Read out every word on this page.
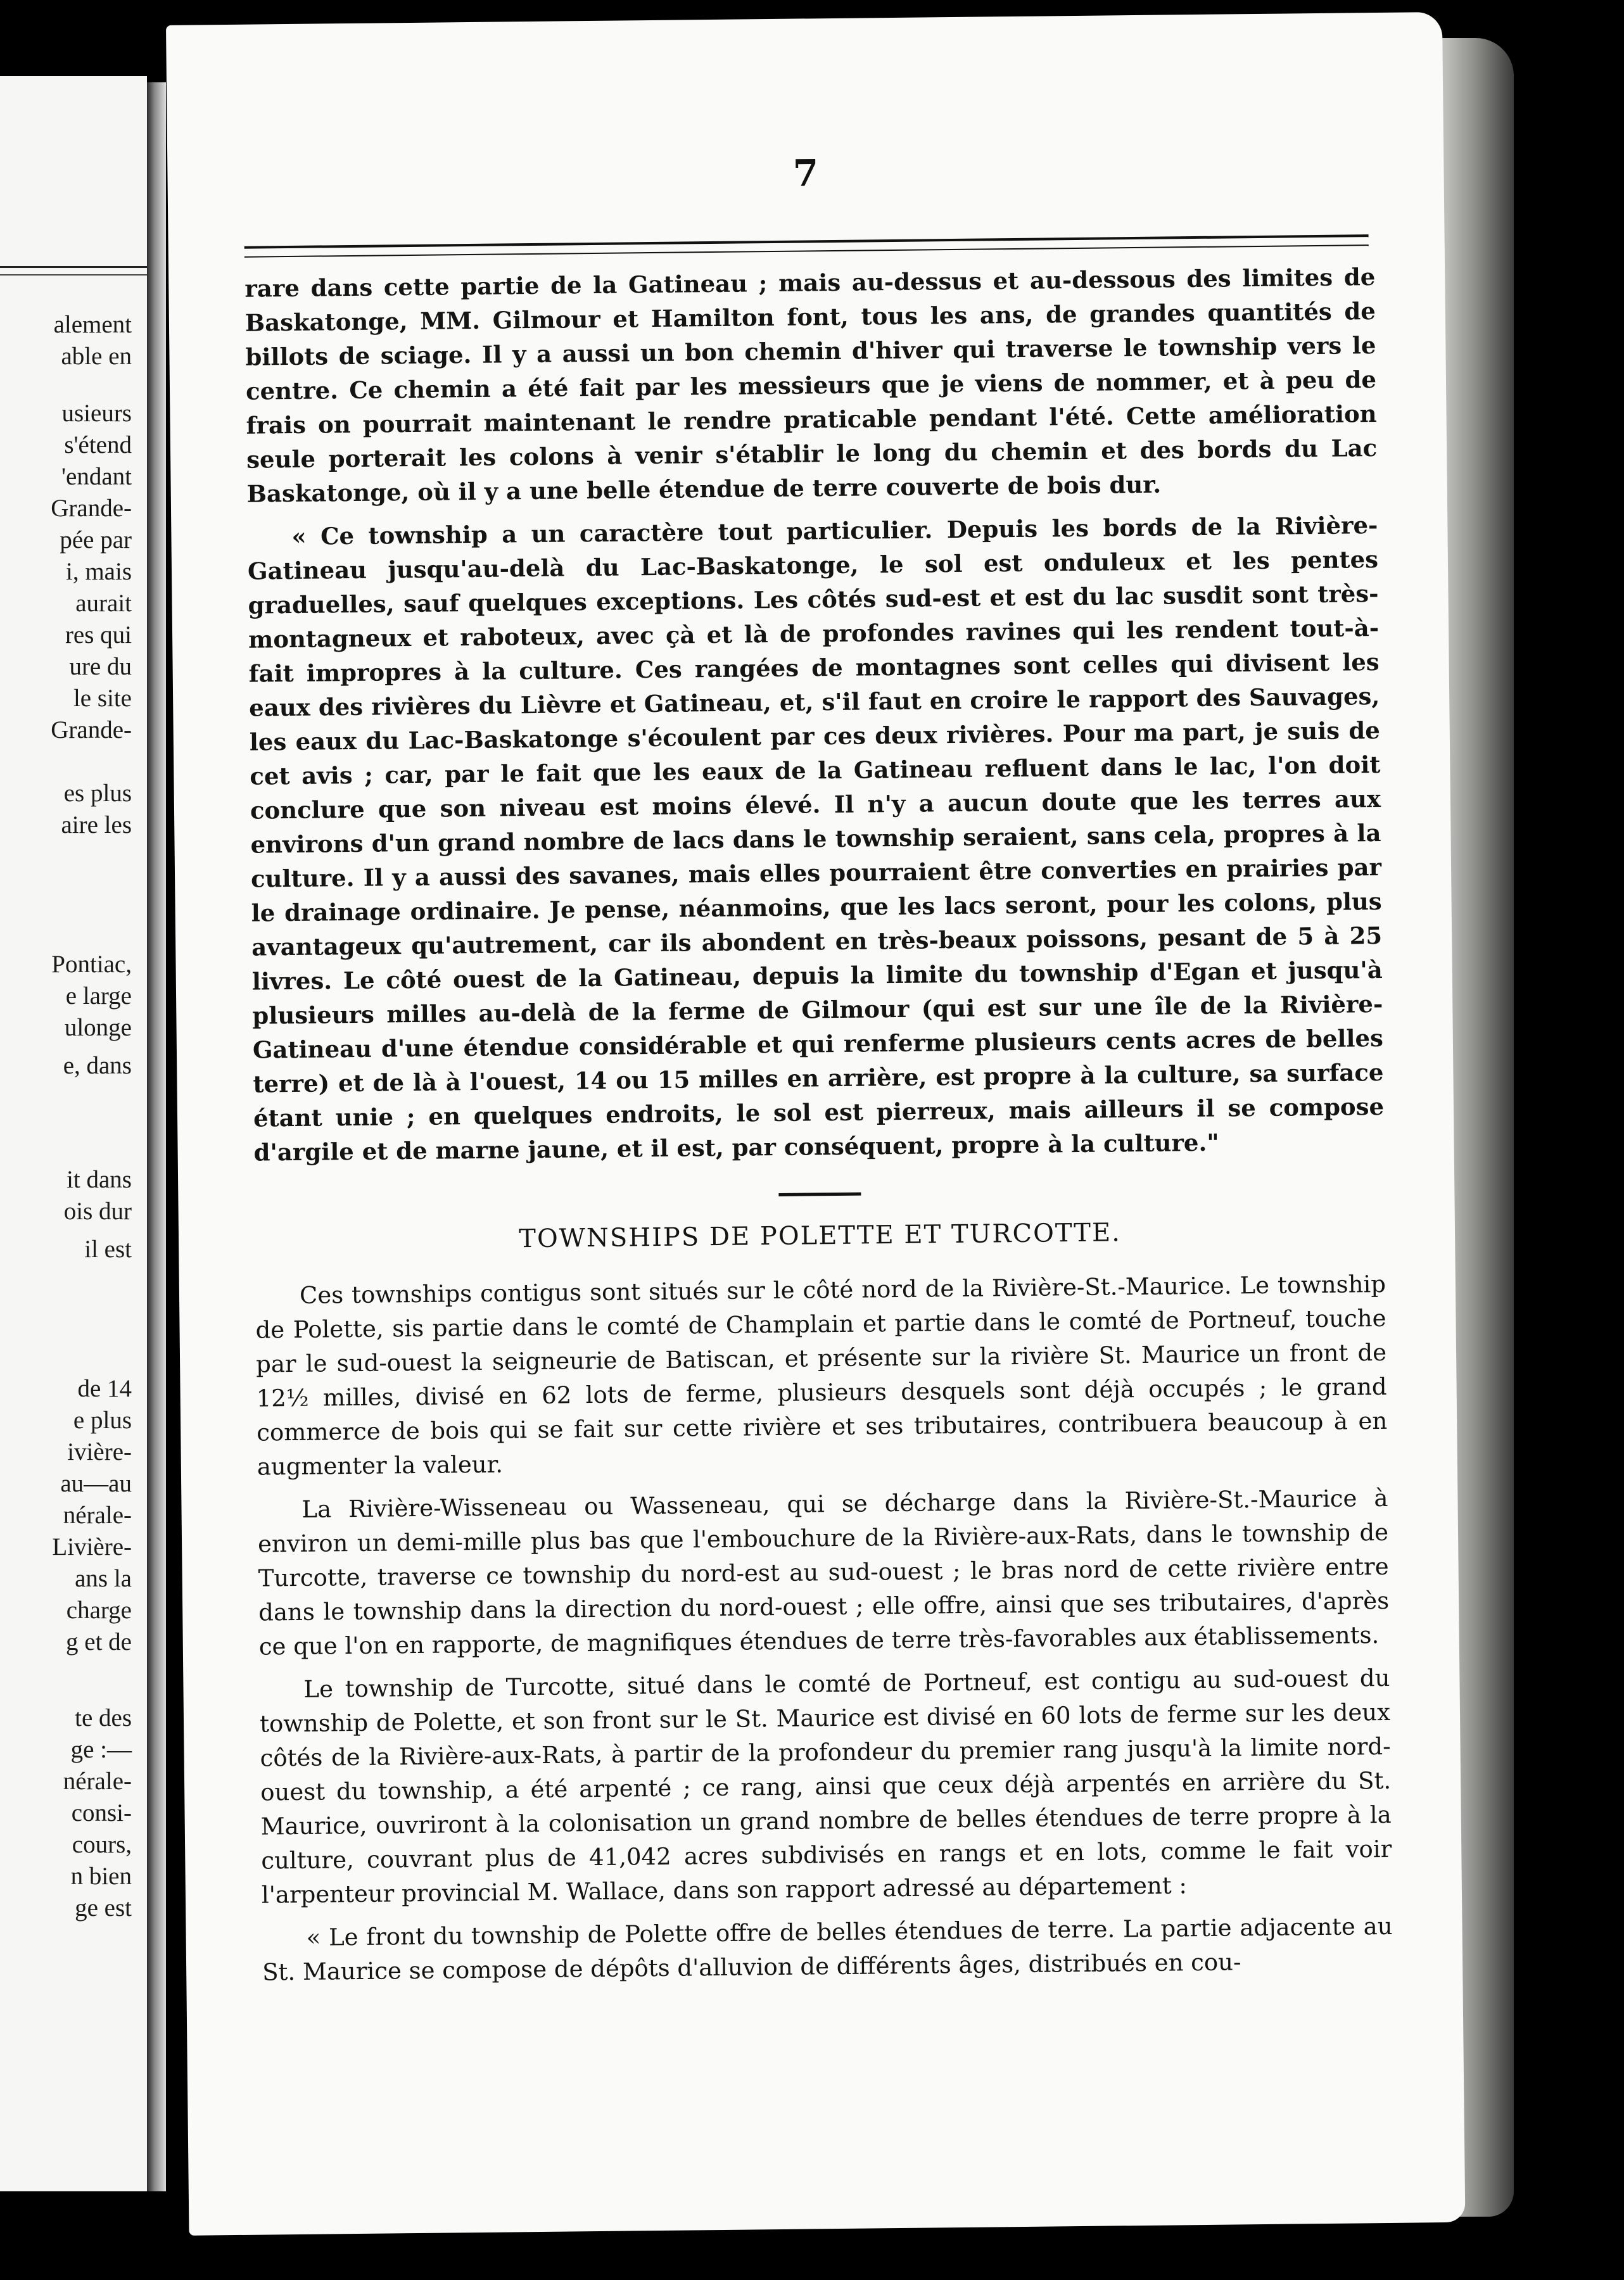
alement
able en
usieurs
s'étend
'endant
Grande-
pée par
i, mais
aurait
res qui
ure du
le site
Grande-
es plus
aire les
Pontiac,
e large
ulonge
e, dans
it dans
ois dur
il est
de 14
e plus
ivière-
au—au
nérale-
Livière-
ans la
charge
g et de
te des
ge :—
nérale-
consi-
cours,
n bien
ge est
7

rare dans cette partie de la Gatineau ; mais au-dessus et au-dessous des limites de Baskatonge, MM. Gilmour et Hamilton font, tous les ans, de grandes quantités de billots de sciage. Il y a aussi un bon chemin d'hiver qui traverse le township vers le centre. Ce chemin a été fait par les messieurs que je viens de nommer, et à peu de frais on pourrait maintenant le rendre praticable pendant l'été. Cette amélioration seule porterait les colons à venir s'établir le long du chemin et des bords du Lac Baskatonge, où il y a une belle étendue de terre couverte de bois dur.

« Ce township a un caractère tout particulier. Depuis les bords de la Rivière-Gatineau jusqu'au-delà du Lac-Baskatonge, le sol est onduleux et les pentes graduelles, sauf quelques exceptions. Les côtés sud-est et est du lac susdit sont très-montagneux et raboteux, avec çà et là de profondes ravines qui les rendent tout-à-fait impropres à la culture. Ces rangées de montagnes sont celles qui divisent les eaux des rivières du Lièvre et Gatineau, et, s'il faut en croire le rapport des Sauvages, les eaux du Lac-Baskatonge s'écoulent par ces deux rivières. Pour ma part, je suis de cet avis ; car, par le fait que les eaux de la Gatineau refluent dans le lac, l'on doit conclure que son niveau est moins élevé. Il n'y a aucun doute que les terres aux environs d'un grand nombre de lacs dans le township seraient, sans cela, propres à la culture. Il y a aussi des savanes, mais elles pourraient être converties en prairies par le drainage ordinaire. Je pense, néanmoins, que les lacs seront, pour les colons, plus avantageux qu'autrement, car ils abondent en très-beaux poissons, pesant de 5 à 25 livres. Le côté ouest de la Gatineau, depuis la limite du township d'Egan et jusqu'à plusieurs milles au-delà de la ferme de Gilmour (qui est sur une île de la Rivière-Gatineau d'une étendue considérable et qui renferme plusieurs cents acres de belles terre) et de là à l'ouest, 14 ou 15 milles en arrière, est propre à la culture, sa surface étant unie ; en quelques endroits, le sol est pierreux, mais ailleurs il se compose d'argile et de marne jaune, et il est, par conséquent, propre à la culture."

TOWNSHIPS DE POLETTE ET TURCOTTE.

Ces townships contigus sont situés sur le côté nord de la Rivière-St.-Maurice. Le township de Polette, sis partie dans le comté de Champlain et partie dans le comté de Portneuf, touche par le sud-ouest la seigneurie de Batiscan, et présente sur la rivière St. Maurice un front de 12½ milles, divisé en 62 lots de ferme, plusieurs desquels sont déjà occupés ; le grand commerce de bois qui se fait sur cette rivière et ses tributaires, contribuera beaucoup à en augmenter la valeur.

La Rivière-Wisseneau ou Wasseneau, qui se décharge dans la Rivière-St.-Maurice à environ un demi-mille plus bas que l'embouchure de la Rivière-aux-Rats, dans le township de Turcotte, traverse ce township du nord-est au sud-ouest ; le bras nord de cette rivière entre dans le township dans la direction du nord-ouest ; elle offre, ainsi que ses tributaires, d'après ce que l'on en rapporte, de magnifiques étendues de terre très-favorables aux établissements.

Le township de Turcotte, situé dans le comté de Portneuf, est contigu au sud-ouest du township de Polette, et son front sur le St. Maurice est divisé en 60 lots de ferme sur les deux côtés de la Rivière-aux-Rats, à partir de la profondeur du premier rang jusqu'à la limite nord-ouest du township, a été arpenté ; ce rang, ainsi que ceux déjà arpentés en arrière du St. Maurice, ouvriront à la colonisation un grand nombre de belles étendues de terre propre à la culture, couvrant plus de 41,042 acres subdivisés en rangs et en lots, comme le fait voir l'arpenteur provincial M. Wallace, dans son rapport adressé au département :

« Le front du township de Polette offre de belles étendues de terre. La partie adjacente au St. Maurice se compose de dépôts d'alluvion de différents âges, distribués en cou-
